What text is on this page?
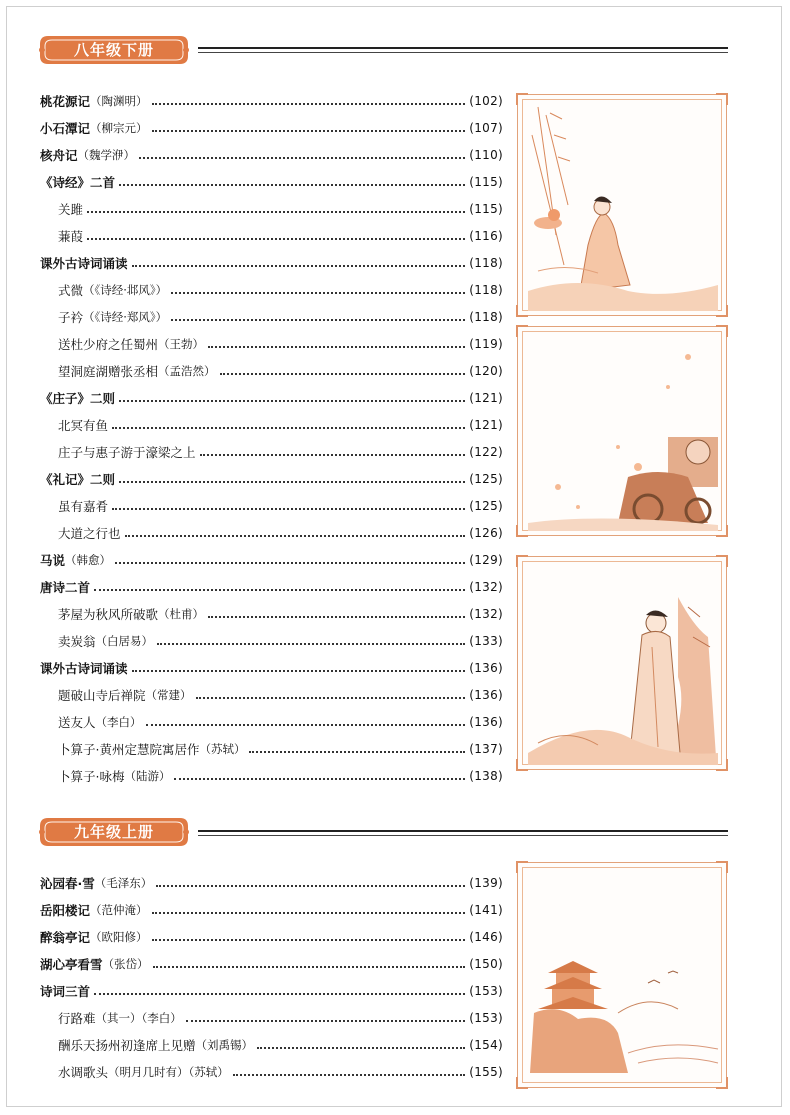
八年级下册
九年级上册
桃花源记 （陶渊明）	(102)
小石潭记 （柳宗元）	(107)
核舟记 （魏学洢）	(110)
《诗经》二首	(115)
关雎	(115)
蒹葭	(116)
课外古诗词诵读	(118)
式微 （《诗经·邶风》）	(118)
子衿 （《诗经·郑风》）	(118)
送杜少府之任蜀州 （王勃）	(119)
望洞庭湖赠张丞相 （孟浩然）	(120)
《庄子》二则	(121)
北冥有鱼	(121)
庄子与惠子游于濠梁之上	(122)
《礼记》二则	(125)
虽有嘉肴	(125)
大道之行也	(126)
马说 （韩愈）	(129)
唐诗二首	(132)
茅屋为秋风所破歌 （杜甫）	(132)
卖炭翁 （白居易）	(133)
课外古诗词诵读	(136)
题破山寺后禅院 （常建）	(136)
送友人 （李白）	(136)
卜算子·黄州定慧院寓居作 （苏轼）	(137)
卜算子·咏梅 （陆游）	(138)
沁园春·雪 （毛泽东）	(139)
岳阳楼记 （范仲淹）	(141)
醉翁亭记 （欧阳修）	(146)
湖心亭看雪 （张岱）	(150)
诗词三首	(153)
行路难 （其一）（李白）	(153)
酬乐天扬州初逢席上见赠 （刘禹锡）	(154)
水调歌头 （明月几时有）（苏轼）	(155)
